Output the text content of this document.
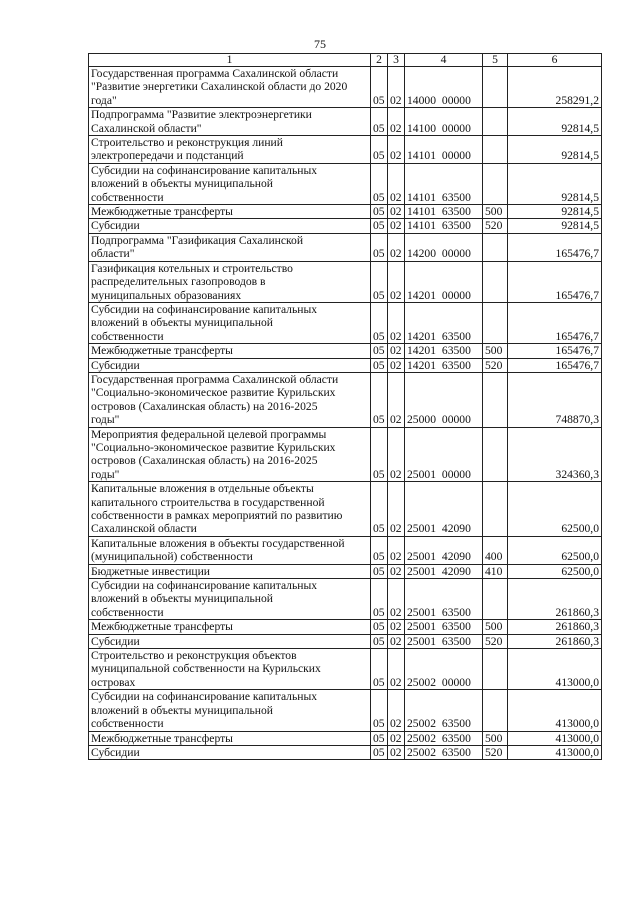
75
1	2	3	4	5	6
Государственная программа Сахалинской области
"Развитие энергетики Сахалинской области до 2020
года"	05	02	14000 00000		258291,2
Подпрограмма "Развитие электроэнергетики
Сахалинской области"	05	02	14100 00000		92814,5
Строительство и реконструкция линий
электропередачи и подстанций	05	02	14101 00000		92814,5
Субсидии на софинансирование капитальных
вложений в объекты муниципальной
собственности	05	02	14101 63500		92814,5
Межбюджетные трансферты	05	02	14101 63500	500	92814,5
Субсидии	05	02	14101 63500	520	92814,5
Подпрограмма "Газификация Сахалинской
области"	05	02	14200 00000		165476,7
Газификация котельных и строительство
распределительных газопроводов в
муниципальных образованиях	05	02	14201 00000		165476,7
Субсидии на софинансирование капитальных
вложений в объекты муниципальной
собственности	05	02	14201 63500		165476,7
Межбюджетные трансферты	05	02	14201 63500	500	165476,7
Субсидии	05	02	14201 63500	520	165476,7
Государственная программа Сахалинской области
"Социально-экономическое развитие Курильских
островов (Сахалинская область) на 2016-2025
годы"	05	02	25000 00000		748870,3
Мероприятия федеральной целевой программы
"Социально-экономическое развитие Курильских
островов (Сахалинская область) на 2016-2025
годы"	05	02	25001 00000		324360,3
Капитальные вложения в отдельные объекты
капитального строительства в государственной
собственности в рамках мероприятий по развитию
Сахалинской области	05	02	25001 42090		62500,0
Капитальные вложения в объекты государственной
(муниципальной) собственности	05	02	25001 42090	400	62500,0
Бюджетные инвестиции	05	02	25001 42090	410	62500,0
Субсидии на софинансирование капитальных
вложений в объекты муниципальной
собственности	05	02	25001 63500		261860,3
Межбюджетные трансферты	05	02	25001 63500	500	261860,3
Субсидии	05	02	25001 63500	520	261860,3
Строительство и реконструкция объектов
муниципальной собственности на Курильских
островах	05	02	25002 00000		413000,0
Субсидии на софинансирование капитальных
вложений в объекты муниципальной
собственности	05	02	25002 63500		413000,0
Межбюджетные трансферты	05	02	25002 63500	500	413000,0
Субсидии	05	02	25002 63500	520	413000,0
